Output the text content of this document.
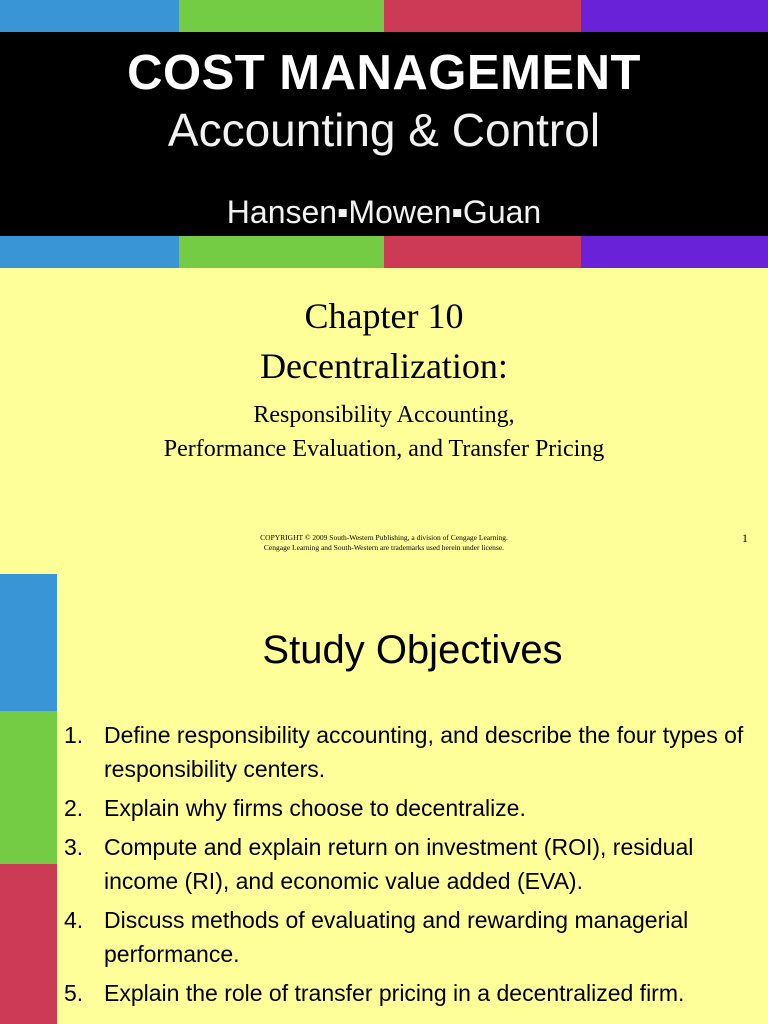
COST MANAGEMENT
Accounting & Control
Hansen▪Mowen▪Guan
Chapter 10
Decentralization:
Responsibility Accounting,
Performance Evaluation, and Transfer Pricing
COPYRIGHT © 2009 South-Western Publishing, a division of Cengage Learning.
Cengage Learning and South-Western are trademarks used herein under license.
1
Study Objectives
1. Define responsibility accounting, and describe the four types of responsibility centers.
2. Explain why firms choose to decentralize.
3. Compute and explain return on investment (ROI), residual income (RI), and economic value added (EVA).
4. Discuss methods of evaluating and rewarding managerial performance.
5. Explain the role of transfer pricing in a decentralized firm.
